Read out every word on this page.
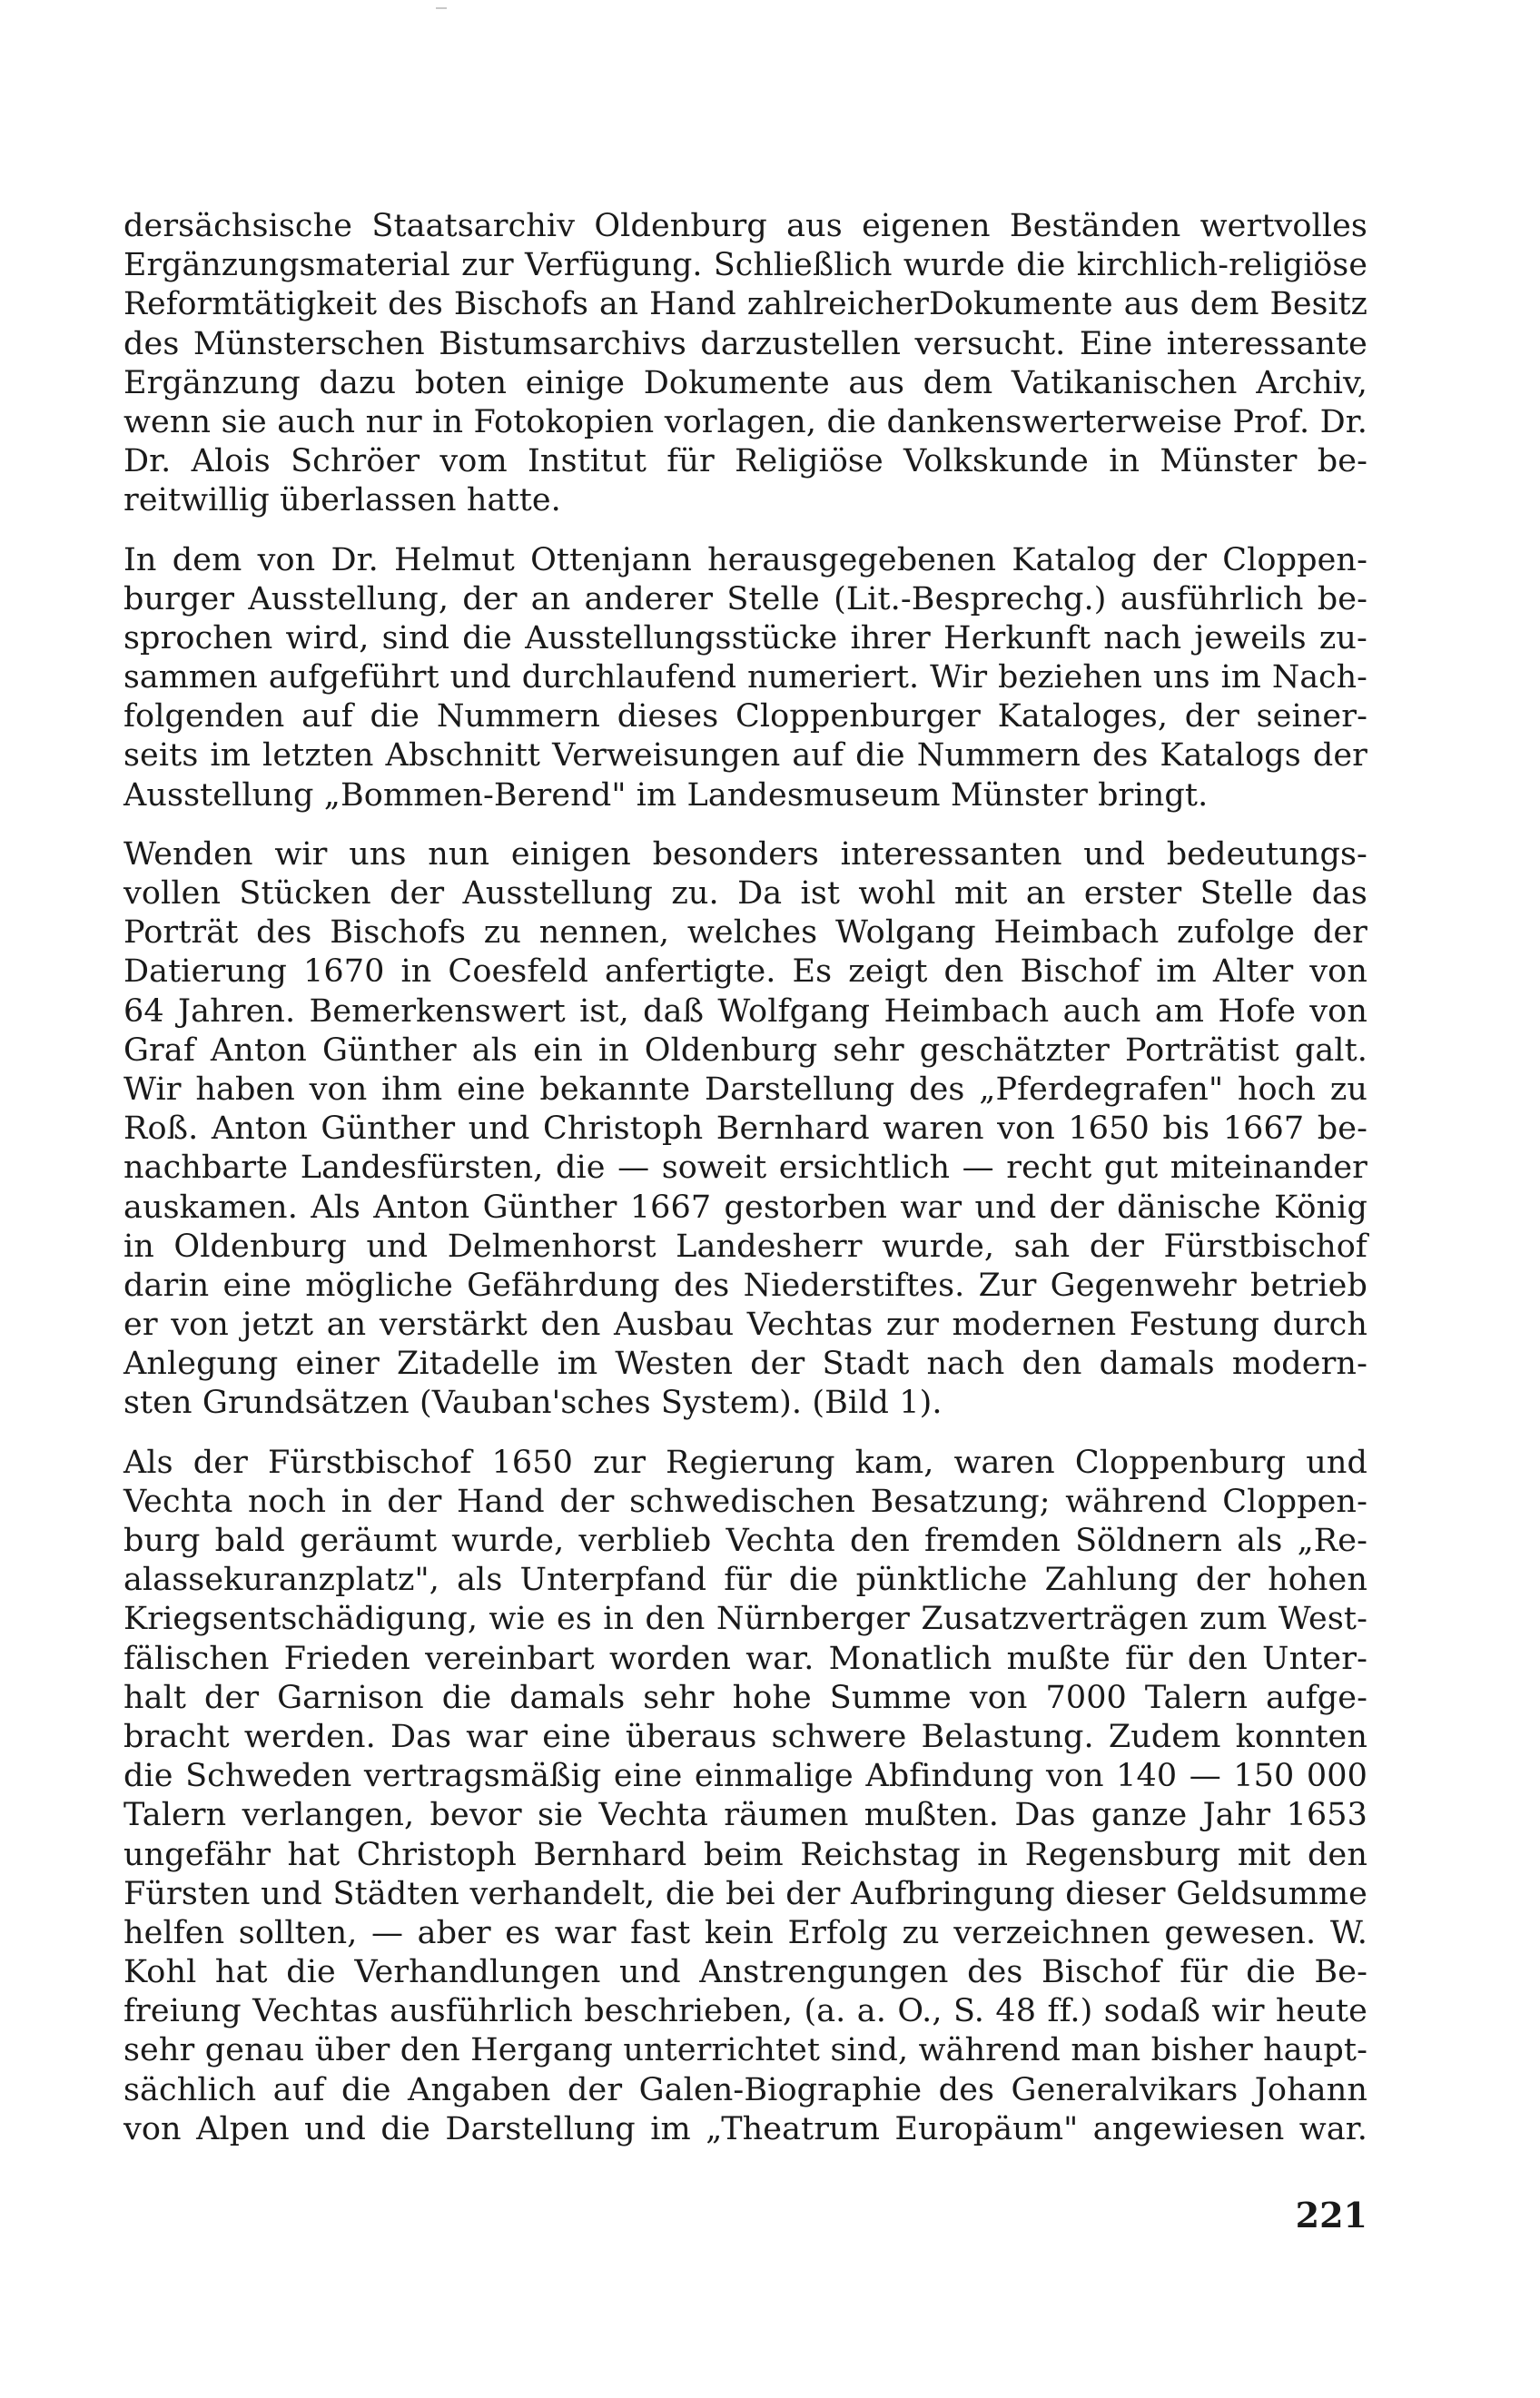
dersächsische Staatsarchiv Oldenburg aus eigenen Beständen wertvolles
Ergänzungsmaterial zur Verfügung. Schließlich wurde die kirchlich-religiöse
Reformtätigkeit des Bischofs an Hand zahlreicherDokumente aus dem Besitz
des Münsterschen Bistumsarchivs darzustellen versucht. Eine interessante
Ergänzung dazu boten einige Dokumente aus dem Vatikanischen Archiv,
wenn sie auch nur in Fotokopien vorlagen, die dankenswerterweise Prof. Dr.
Dr. Alois Schröer vom Institut für Religiöse Volkskunde in Münster be-
reitwillig überlassen hatte.
In dem von Dr. Helmut Ottenjann herausgegebenen Katalog der Cloppen-
burger Ausstellung, der an anderer Stelle (Lit.-Besprechg.) ausführlich be-
sprochen wird, sind die Ausstellungsstücke ihrer Herkunft nach jeweils zu-
sammen aufgeführt und durchlaufend numeriert. Wir beziehen uns im Nach-
folgenden auf die Nummern dieses Cloppenburger Kataloges, der seiner-
seits im letzten Abschnitt Verweisungen auf die Nummern des Katalogs der
Ausstellung „Bommen-Berend" im Landesmuseum Münster bringt.
Wenden wir uns nun einigen besonders interessanten und bedeutungs-
vollen Stücken der Ausstellung zu. Da ist wohl mit an erster Stelle das
Porträt des Bischofs zu nennen, welches Wolgang Heimbach zufolge der
Datierung 1670 in Coesfeld anfertigte. Es zeigt den Bischof im Alter von
64 Jahren. Bemerkenswert ist, daß Wolfgang Heimbach auch am Hofe von
Graf Anton Günther als ein in Oldenburg sehr geschätzter Porträtist galt.
Wir haben von ihm eine bekannte Darstellung des „Pferdegrafen" hoch zu
Roß. Anton Günther und Christoph Bernhard waren von 1650 bis 1667 be-
nachbarte Landesfürsten, die — soweit ersichtlich — recht gut miteinander
auskamen. Als Anton Günther 1667 gestorben war und der dänische König
in Oldenburg und Delmenhorst Landesherr wurde, sah der Fürstbischof
darin eine mögliche Gefährdung des Niederstiftes. Zur Gegenwehr betrieb
er von jetzt an verstärkt den Ausbau Vechtas zur modernen Festung durch
Anlegung einer Zitadelle im Westen der Stadt nach den damals modern-
sten Grundsätzen (Vauban'sches System). (Bild 1).
Als der Fürstbischof 1650 zur Regierung kam, waren Cloppenburg und
Vechta noch in der Hand der schwedischen Besatzung; während Cloppen-
burg bald geräumt wurde, verblieb Vechta den fremden Söldnern als „Re-
alassekuranzplatz", als Unterpfand für die pünktliche Zahlung der hohen
Kriegsentschädigung, wie es in den Nürnberger Zusatzverträgen zum West-
fälischen Frieden vereinbart worden war. Monatlich mußte für den Unter-
halt der Garnison die damals sehr hohe Summe von 7000 Talern aufge-
bracht werden. Das war eine überaus schwere Belastung. Zudem konnten
die Schweden vertragsmäßig eine einmalige Abfindung von 140 — 150 000
Talern verlangen, bevor sie Vechta räumen mußten. Das ganze Jahr 1653
ungefähr hat Christoph Bernhard beim Reichstag in Regensburg mit den
Fürsten und Städten verhandelt, die bei der Aufbringung dieser Geldsumme
helfen sollten, — aber es war fast kein Erfolg zu verzeichnen gewesen. W.
Kohl hat die Verhandlungen und Anstrengungen des Bischof für die Be-
freiung Vechtas ausführlich beschrieben, (a. a. O., S. 48 ff.) sodaß wir heute
sehr genau über den Hergang unterrichtet sind, während man bisher haupt-
sächlich auf die Angaben der Galen-Biographie des Generalvikars Johann
von Alpen und die Darstellung im „Theatrum Europäum" angewiesen war.
221
